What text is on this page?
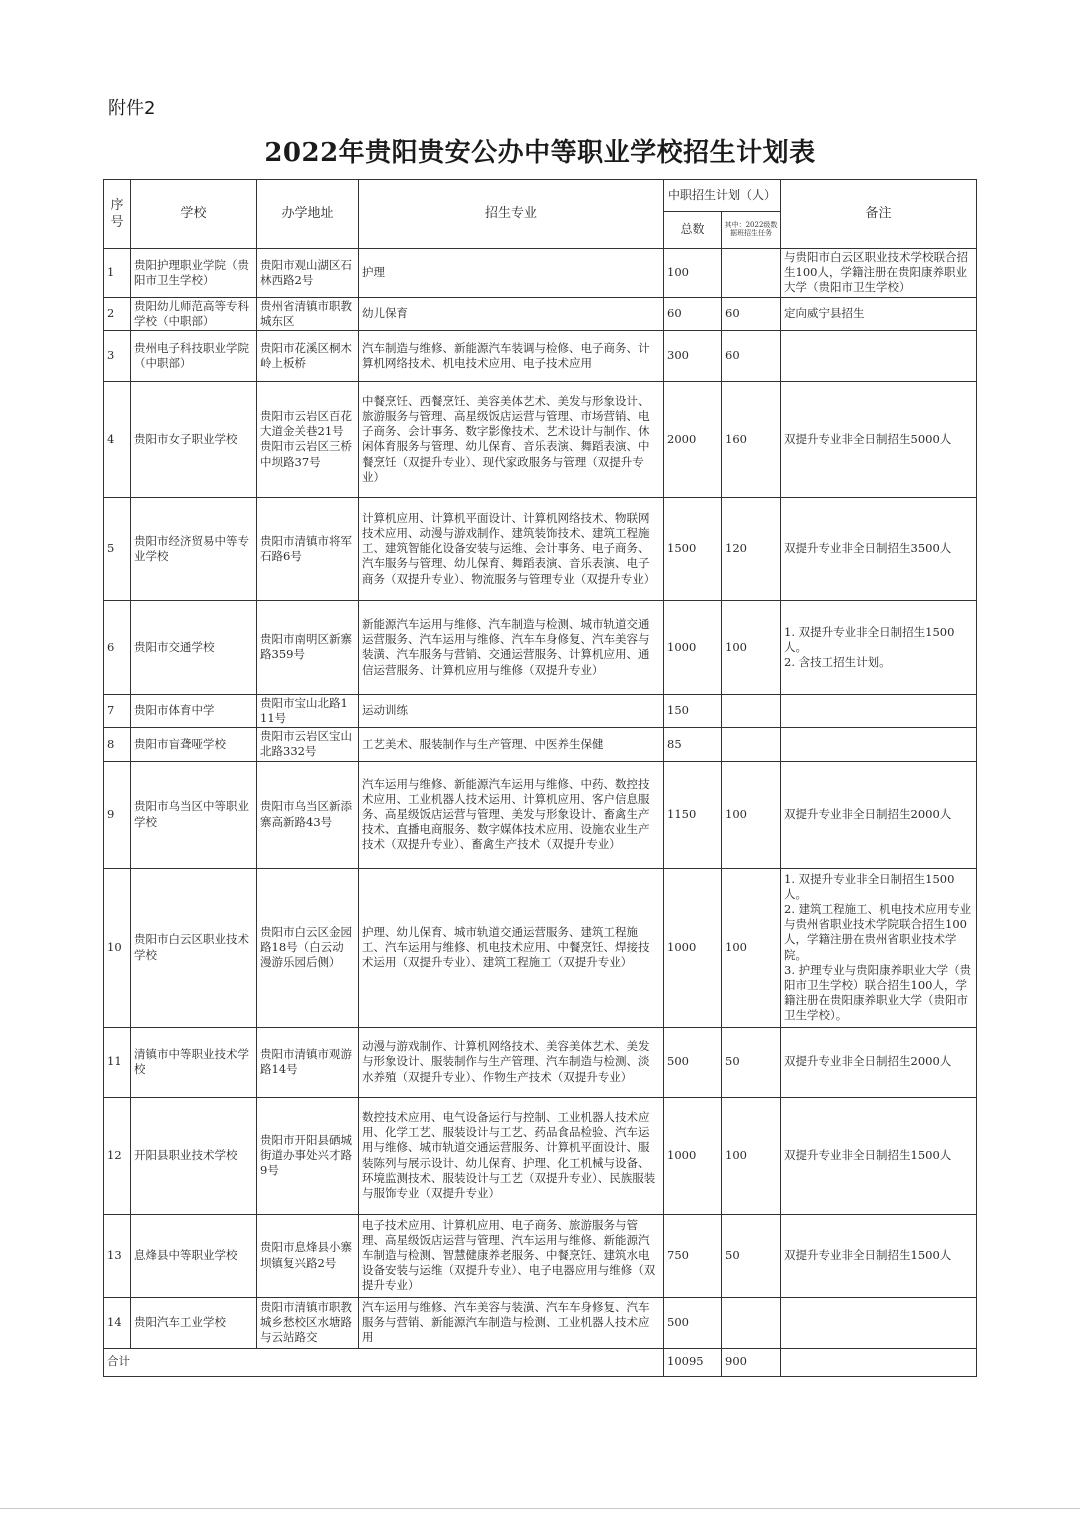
附件2
2022年贵阳贵安公办中等职业学校招生计划表
序号	学校	办学地址	招生专业	中职招生计划（人）		备注
				总数	其中：2022级数据班招生任务	
1	贵阳护理职业学院（贵阳市卫生学校）	贵阳市观山湖区石林西路2号	护理	100		与贵阳市白云区职业技术学校联合招生100人，学籍注册在贵阳康养职业大学（贵阳市卫生学校）
2	贵阳幼儿师范高等专科学校（中职部）	贵州省清镇市职教城东区	幼儿保育	60	60	定向威宁县招生
3	贵州电子科技职业学院（中职部）	贵阳市花溪区桐木岭上板桥	汽车制造与维修、新能源汽车装调与检修、电子商务、计算机网络技术、机电技术应用、电子技术应用	300	60	
4	贵阳市女子职业学校	贵阳市云岩区百花大道金关巷21号 贵阳市云岩区三桥中坝路37号	中餐烹饪、西餐烹饪、美容美体艺术、美发与形象设计、旅游服务与管理、高星级饭店运营与管理、市场营销、电子商务、会计事务、数字影像技术、艺术设计与制作、休闲体育服务与管理、幼儿保育、音乐表演、舞蹈表演、中餐烹饪（双提升专业）、现代家政服务与管理（双提升专业）	2000	160	双提升专业非全日制招生5000人
5	贵阳市经济贸易中等专业学校	贵阳市清镇市将军石路6号	计算机应用、计算机平面设计、计算机网络技术、物联网技术应用、动漫与游戏制作、建筑装饰技术、建筑工程施工、建筑智能化设备安装与运维、会计事务、电子商务、汽车服务与管理、幼儿保育、舞蹈表演、音乐表演、电子商务（双提升专业）、物流服务与管理专业（双提升专业）	1500	120	双提升专业非全日制招生3500人
6	贵阳市交通学校	贵阳市南明区新寨路359号	新能源汽车运用与维修、汽车制造与检测、城市轨道交通运营服务、汽车运用与维修、汽车车身修复、汽车美容与装潢、汽车服务与营销、交通运营服务、计算机应用、通信运营服务、计算机应用与维修（双提升专业）	1000	100	1. 双提升专业非全日制招生1500人。
2. 含技工招生计划。
7	贵阳市体育中学	贵阳市宝山北路111号	运动训练	150		
8	贵阳市盲聋哑学校	贵阳市云岩区宝山北路332号	工艺美术、服装制作与生产管理、中医养生保健	85		
9	贵阳市乌当区中等职业学校	贵阳市乌当区新添寨高新路43号	汽车运用与维修、新能源汽车运用与维修、中药、数控技术应用、工业机器人技术运用、计算机应用、客户信息服务、高星级饭店运营与管理、美发与形象设计、畜禽生产技术、直播电商服务、数字媒体技术应用、设施农业生产技术（双提升专业）、畜禽生产技术（双提升专业）	1150	100	双提升专业非全日制招生2000人
10	贵阳市白云区职业技术学校	贵阳市白云区金园路18号（白云动漫游乐园后侧）	护理、幼儿保育、城市轨道交通运营服务、建筑工程施工、汽车运用与维修、机电技术应用、中餐烹饪、焊接技术运用（双提升专业）、建筑工程施工（双提升专业）	1000	100	1. 双提升专业非全日制招生1500人。
2. 建筑工程施工、机电技术应用专业与贵州省职业技术学院联合招生100人，学籍注册在贵州省职业技术学院。
3. 护理专业与贵阳康养职业大学（贵阳市卫生学校）联合招生100人，学籍注册在贵阳康养职业大学（贵阳市卫生学校）。
11	清镇市中等职业技术学校	贵阳市清镇市观游路14号	动漫与游戏制作、计算机网络技术、美容美体艺术、美发与形象设计、服装制作与生产管理、汽车制造与检测、淡水养殖（双提升专业）、作物生产技术（双提升专业）	500	50	双提升专业非全日制招生2000人
12	开阳县职业技术学校	贵阳市开阳县硒城街道办事处兴才路9号	数控技术应用、电气设备运行与控制、工业机器人技术应用、化学工艺、服装设计与工艺、药品食品检验、汽车运用与维修、城市轨道交通运营服务、计算机平面设计、服装陈列与展示设计、幼儿保育、护理、化工机械与设备、环境监测技术、服装设计与工艺（双提升专业）、民族服装与服饰专业（双提升专业）	1000	100	双提升专业非全日制招生1500人
13	息烽县中等职业学校	贵阳市息烽县小寨坝镇复兴路2号	电子技术应用、计算机应用、电子商务、旅游服务与管理、高星级饭店运营与管理、汽车运用与维修、新能源汽车制造与检测、智慧健康养老服务、中餐烹饪、建筑水电设备安装与运维（双提升专业）、电子电器应用与维修（双提升专业）	750	50	双提升专业非全日制招生1500人
14	贵阳汽车工业学校	贵阳市清镇市职教城乡愁校区水塘路与云站路交	汽车运用与维修、汽车美容与装潢、汽车车身修复、汽车服务与营销、新能源汽车制造与检测、工业机器人技术应用	500		
合计				10095	900	
